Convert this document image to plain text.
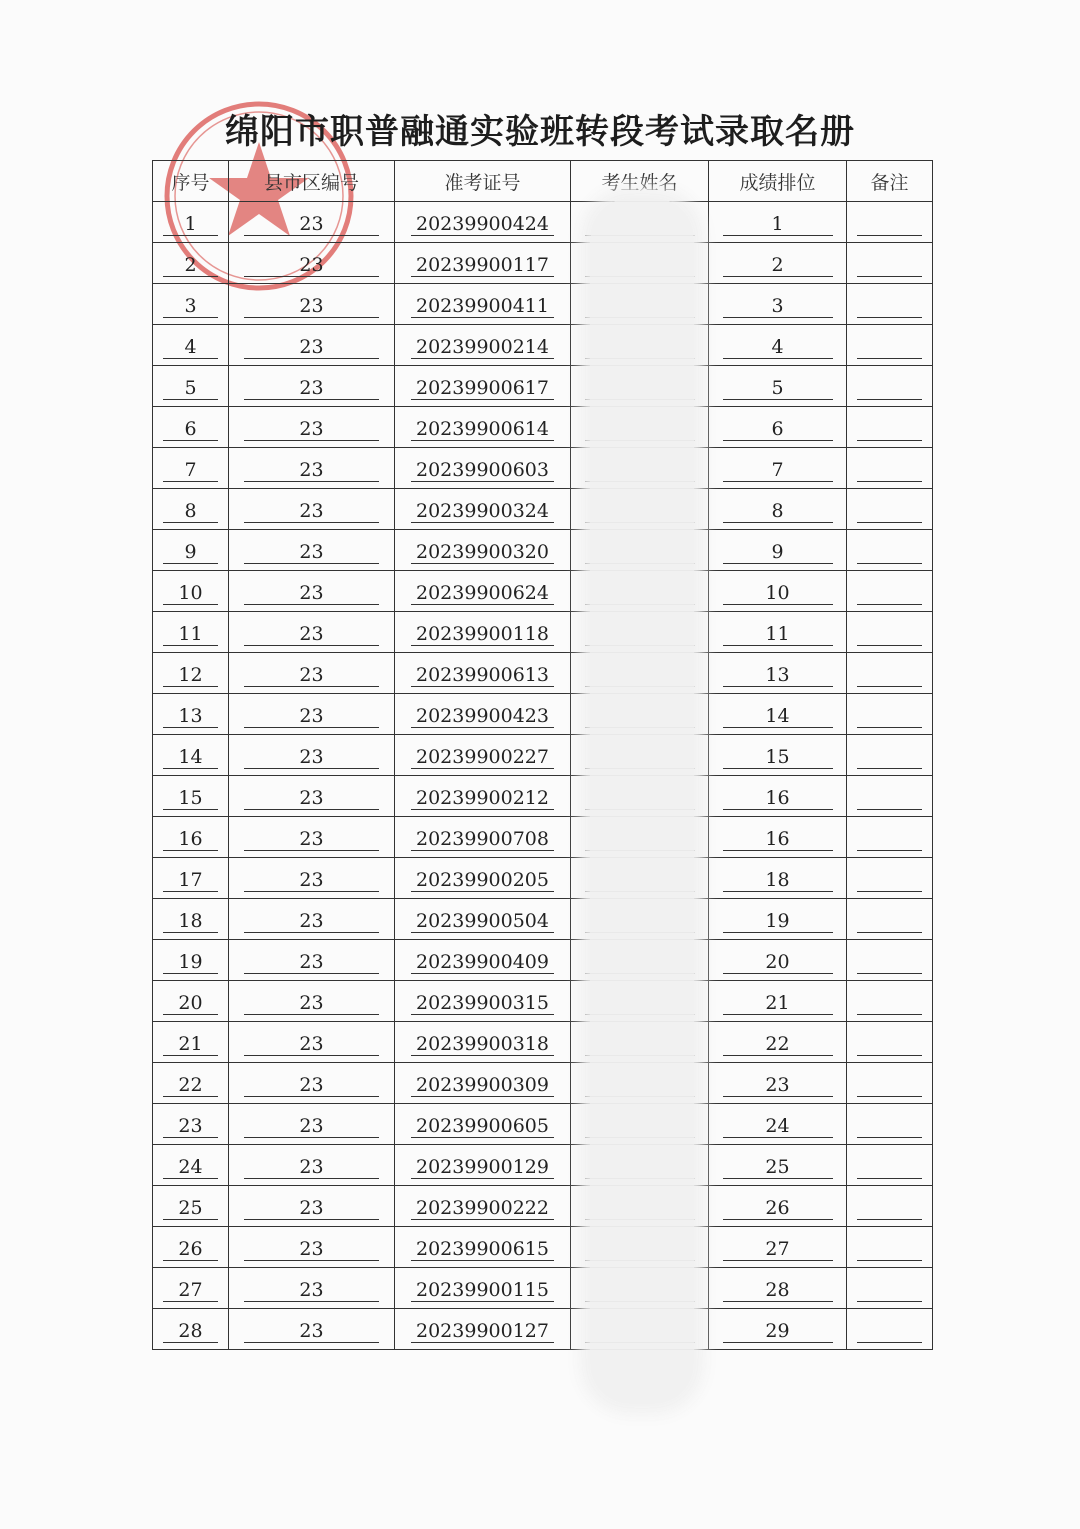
绵阳市职普融通实验班转段考试录取名册
序号	县市区编号	准考证号	考生姓名	成绩排位	备注
1	23	20239900424		1	
2	23	20239900117		2	
3	23	20239900411		3	
4	23	20239900214		4	
5	23	20239900617		5	
6	23	20239900614		6	
7	23	20239900603		7	
8	23	20239900324		8	
9	23	20239900320		9	
10	23	20239900624		10	
11	23	20239900118		11	
12	23	20239900613		13	
13	23	20239900423		14	
14	23	20239900227		15	
15	23	20239900212		16	
16	23	20239900708		16	
17	23	20239900205		18	
18	23	20239900504		19	
19	23	20239900409		20	
20	23	20239900315		21	
21	23	20239900318		22	
22	23	20239900309		23	
23	23	20239900605		24	
24	23	20239900129		25	
25	23	20239900222		26	
26	23	20239900615		27	
27	23	20239900115		28	
28	23	20239900127		29	
